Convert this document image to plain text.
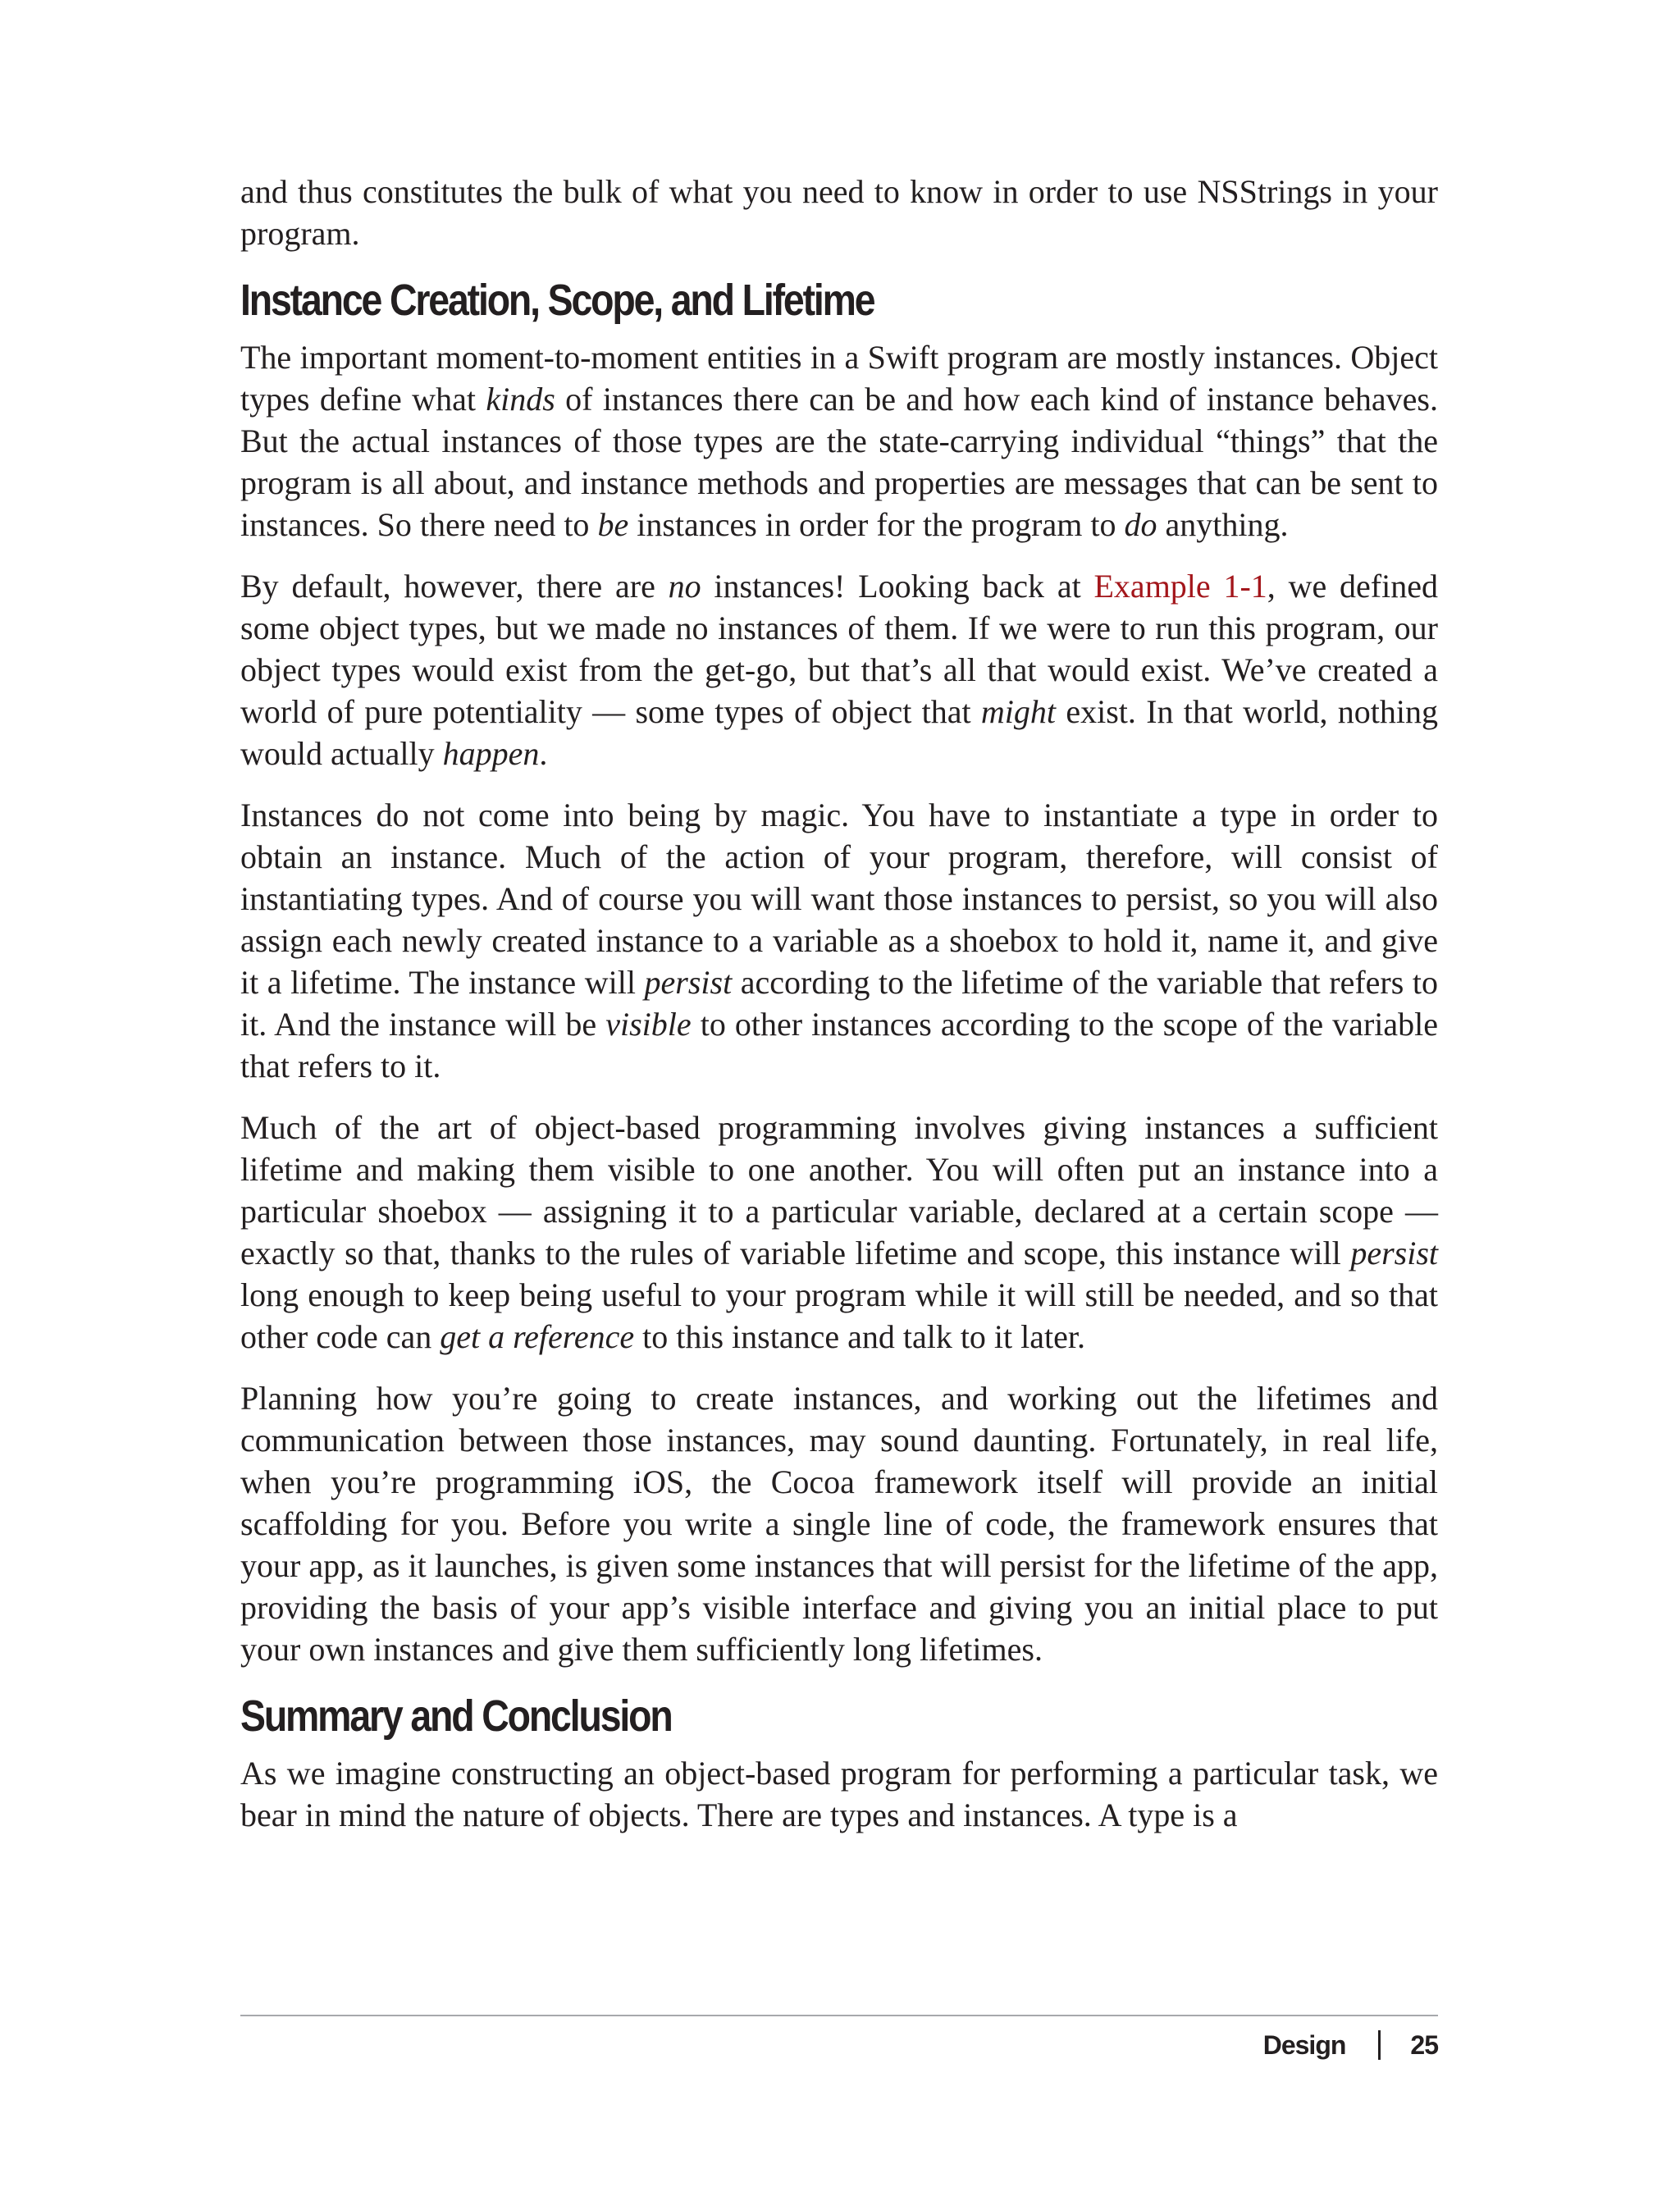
and thus constitutes the bulk of what you need to know in order to use NSStrings in your program.

Instance Creation, Scope, and Lifetime

The important moment-to-moment entities in a Swift program are mostly instances. Object types define what kinds of instances there can be and how each kind of instance behaves. But the actual instances of those types are the state-carrying individual “things” that the program is all about, and instance methods and properties are messages that can be sent to instances. So there need to be instances in order for the program to do anything.

By default, however, there are no instances! Looking back at Example 1-1, we defined some object types, but we made no instances of them. If we were to run this program, our object types would exist from the get-go, but that’s all that would exist. We’ve created a world of pure potentiality — some types of object that might exist. In that world, nothing would actually happen.

Instances do not come into being by magic. You have to instantiate a type in order to obtain an instance. Much of the action of your program, therefore, will consist of instantiating types. And of course you will want those instances to persist, so you will also assign each newly created instance to a variable as a shoebox to hold it, name it, and give it a lifetime. The instance will persist according to the lifetime of the variable that refers to it. And the instance will be visible to other instances according to the scope of the variable that refers to it.

Much of the art of object-based programming involves giving instances a sufficient lifetime and making them visible to one another. You will often put an instance into a particular shoebox — assigning it to a particular variable, declared at a certain scope — exactly so that, thanks to the rules of variable lifetime and scope, this instance will persist long enough to keep being useful to your program while it will still be needed, and so that other code can get a reference to this instance and talk to it later.

Planning how you’re going to create instances, and working out the lifetimes and communication between those instances, may sound daunting. Fortunately, in real life, when you’re programming iOS, the Cocoa framework itself will provide an initial scaffolding for you. Before you write a single line of code, the framework ensures that your app, as it launches, is given some instances that will persist for the lifetime of the app, providing the basis of your app’s visible interface and giving you an initial place to put your own instances and give them sufficiently long lifetimes.

Summary and Conclusion

As we imagine constructing an object-based program for performing a particular task, we bear in mind the nature of objects. There are types and instances. A type is a

Design 25
